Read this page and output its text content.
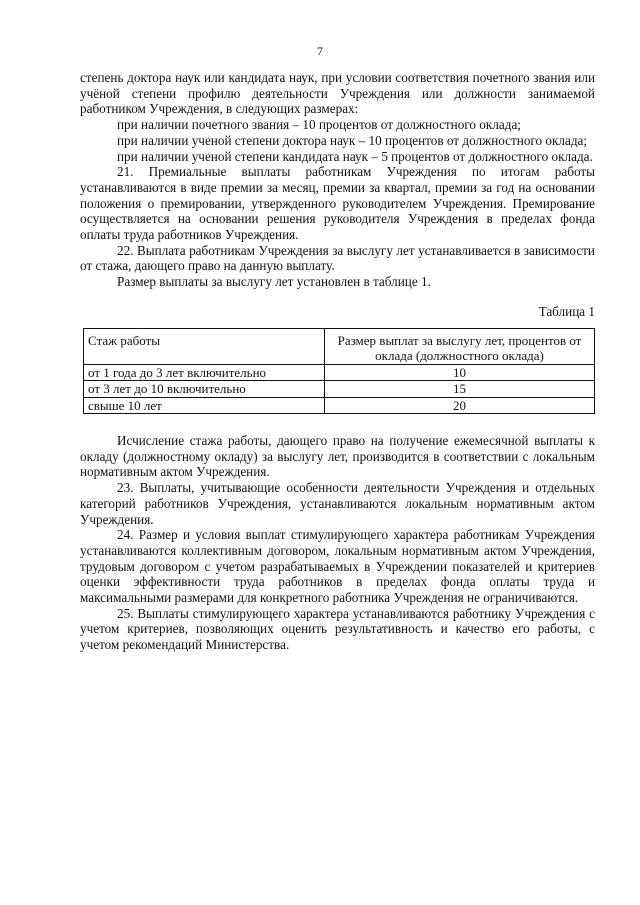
7

степень доктора наук или кандидата наук, при условии соответствия почетного звания или учёной степени профилю деятельности Учреждения или должности занимаемой работником Учреждения, в следующих размерах:

при наличии почетного звания – 10 процентов от должностного оклада;

при наличии ученой степени доктора наук – 10 процентов от должностного оклада;

при наличии ученой степени кандидата наук – 5 процентов от должностного оклада.

21. Премиальные выплаты работникам Учреждения по итогам работы устанавливаются в виде премии за месяц, премии за квартал, премии за год на основании положения о премировании, утвержденного руководителем Учреждения. Премирование осуществляется на основании решения руководителя Учреждения в пределах фонда оплаты труда работников Учреждения.

22. Выплата работникам Учреждения за выслугу лет устанавливается в зависимости от стажа, дающего право на данную выплату.

Размер выплаты за выслугу лет установлен в таблице 1.

Таблица 1
Стаж работы	Размер выплат за выслугу лет, процентов от оклада (должностного оклада)
от 1 года до 3 лет включительно	10
от 3 лет до 10 включительно	15
свыше 10 лет	20

Исчисление стажа работы, дающего право на получение ежемесячной выплаты к окладу (должностному окладу) за выслугу лет, производится в соответствии с локальным нормативным актом Учреждения.

23. Выплаты, учитывающие особенности деятельности Учреждения и отдельных категорий работников Учреждения, устанавливаются локальным нормативным актом Учреждения.

24. Размер и условия выплат стимулирующего характера работникам Учреждения устанавливаются коллективным договором, локальным нормативным актом Учреждения, трудовым договором с учетом разрабатываемых в Учреждении показателей и критериев оценки эффективности труда работников в пределах фонда оплаты труда и максимальными размерами для конкретного работника Учреждения не ограничиваются.

25. Выплаты стимулирующего характера устанавливаются работнику Учреждения с учетом критериев, позволяющих оценить результативность и качество его работы, с учетом рекомендаций Министерства.
